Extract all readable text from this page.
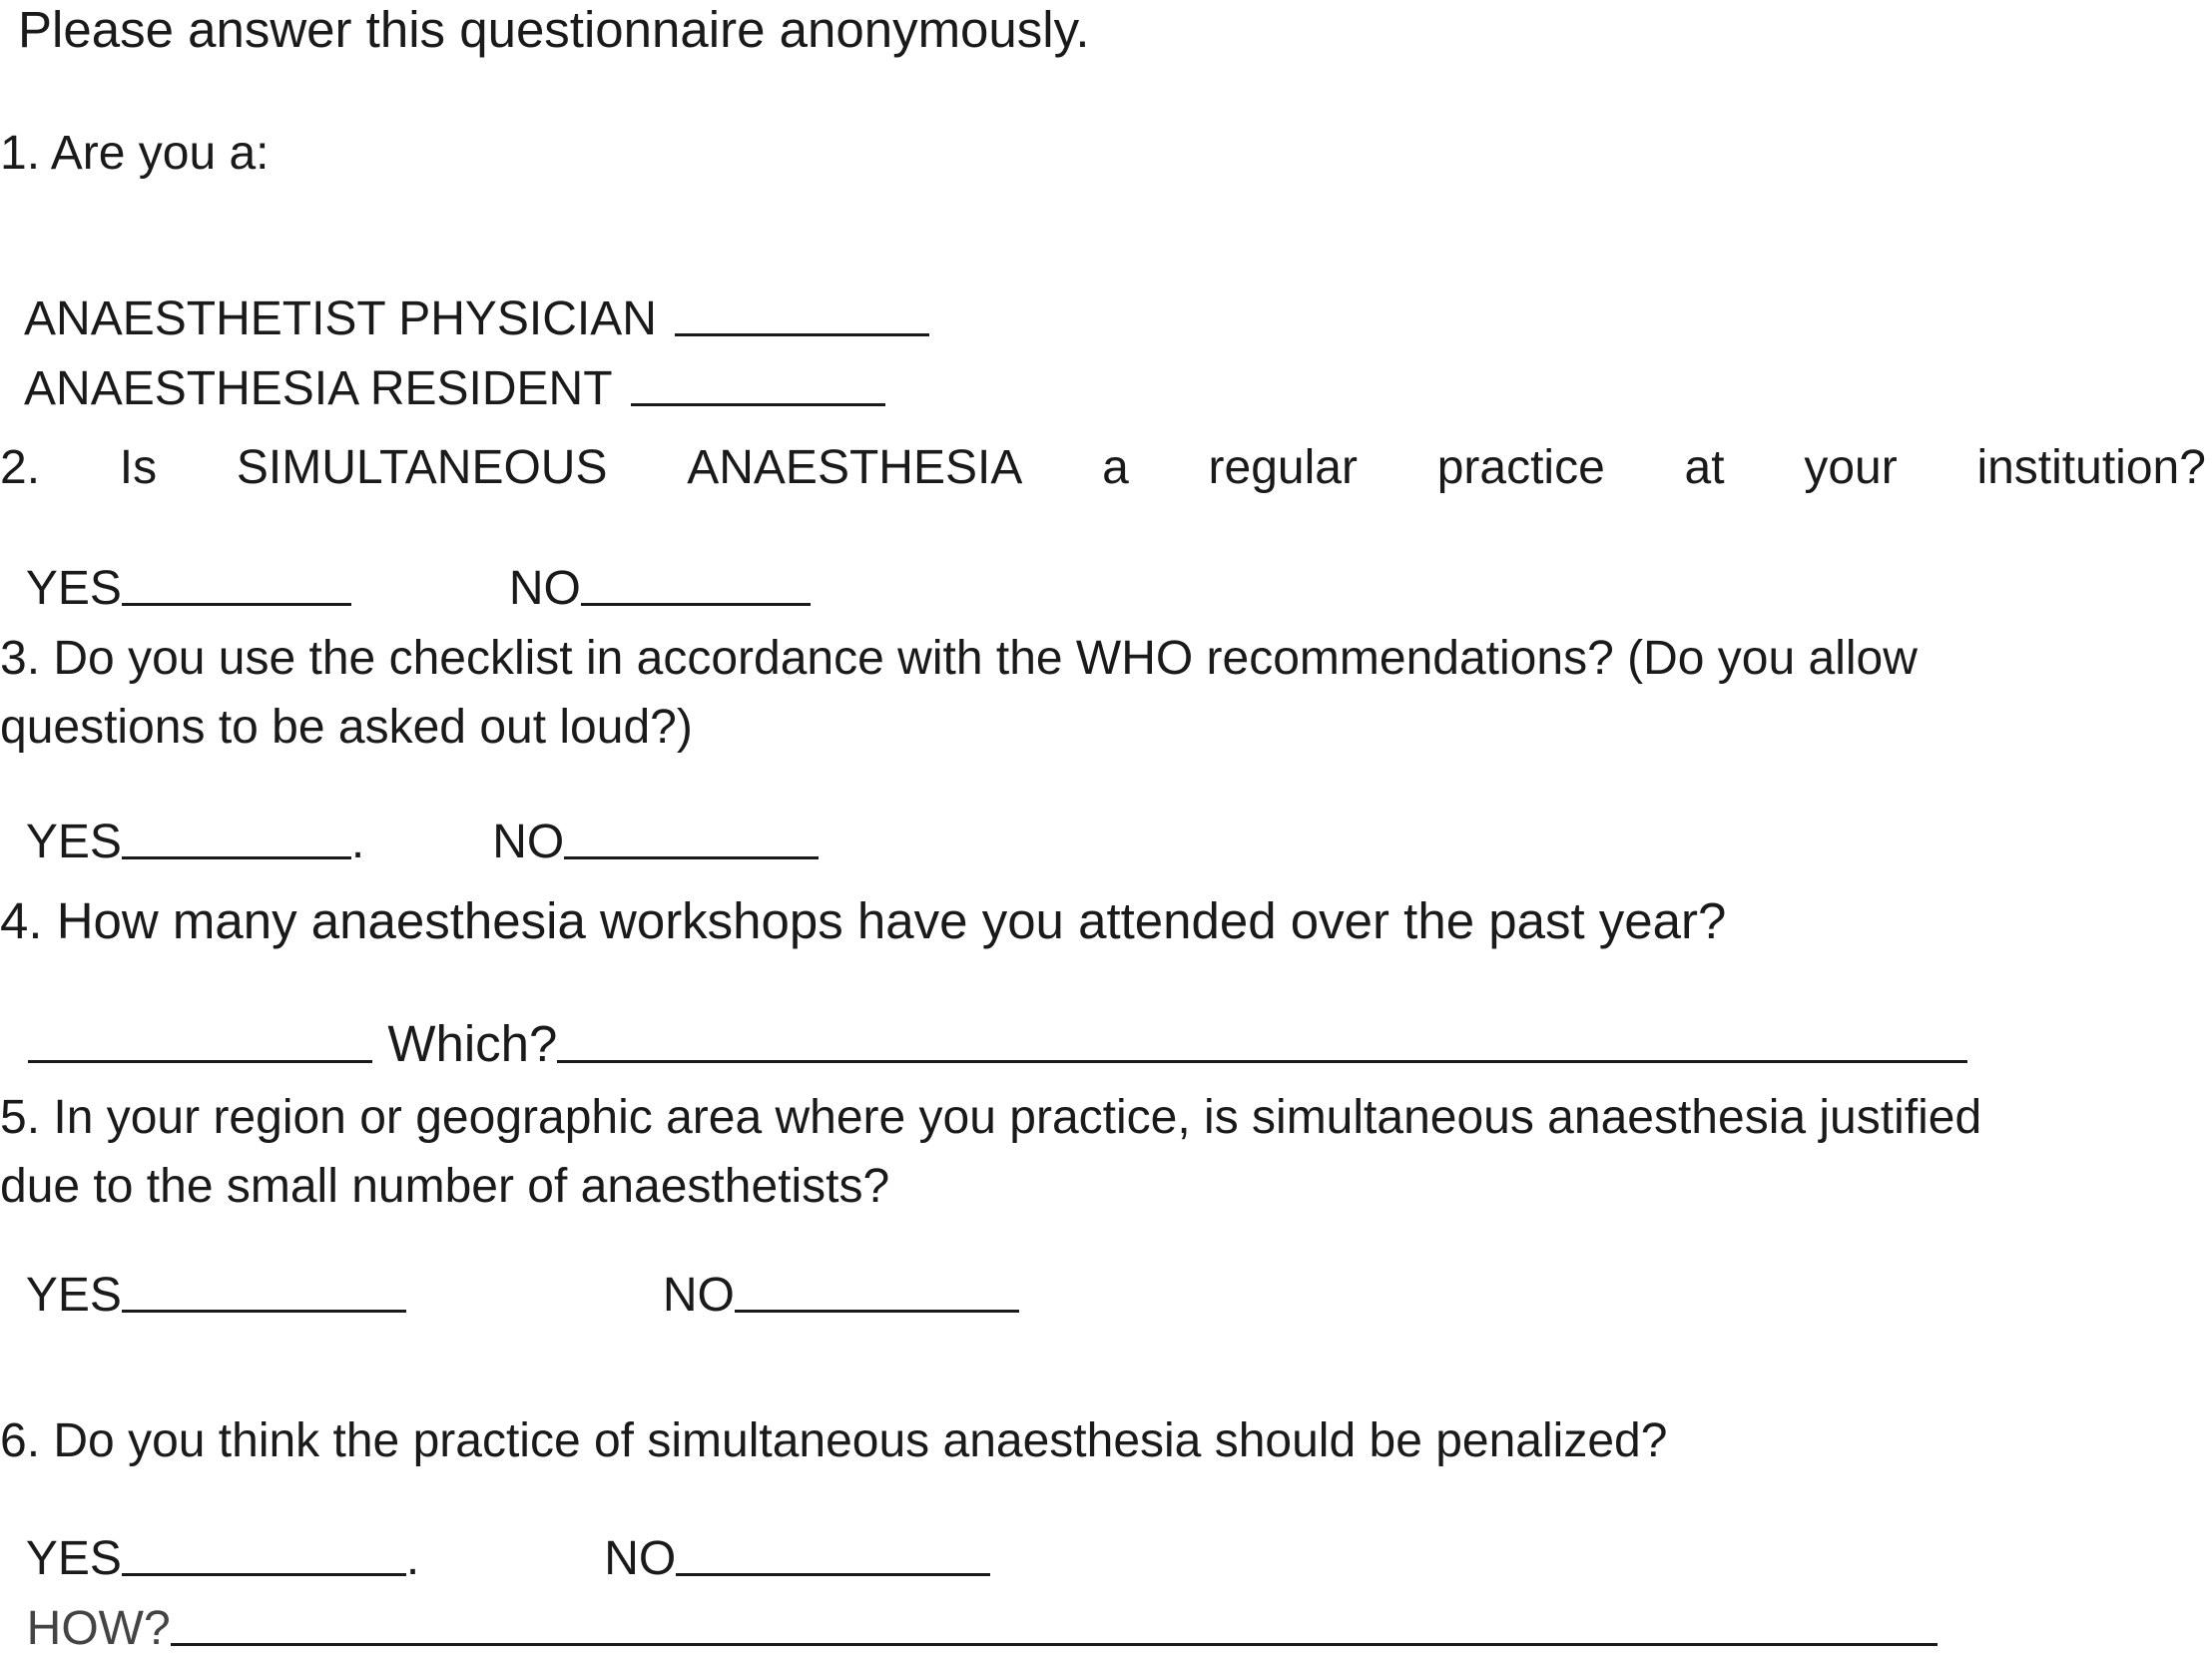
Please answer this questionnaire anonymously.
1. Are you a:

ANAESTHETIST PHYSICIAN

ANAESTHESIA RESIDENT

2. Is SIMULTANEOUS ANAESTHESIA a regular practice at your institution?

YES	NO

3. Do you use the checklist in accordance with the WHO recommendations? (Do you allow
questions to be asked out loud?)

YES	.	NO

4. How many anaesthesia workshops have you attended over the past year?

Which?

5. In your region or geographic area where you practice, is simultaneous anaesthesia justified
due to the small number of anaesthetists?

YES	NO

6. Do you think the practice of simultaneous anaesthesia should be penalized?

YES	.	NO

HOW?
